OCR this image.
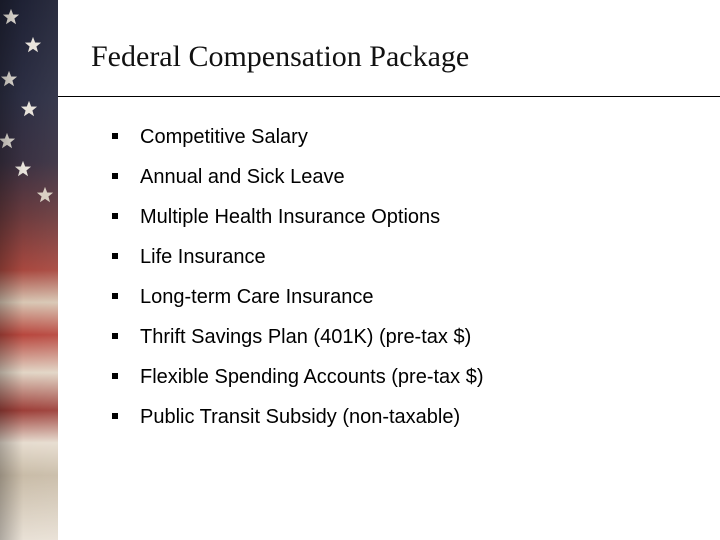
Federal Compensation Package
Competitive Salary
Annual and Sick Leave
Multiple Health Insurance Options
Life Insurance
Long-term Care Insurance
Thrift Savings Plan (401K) (pre-tax $)
Flexible Spending Accounts (pre-tax $)
Public Transit Subsidy (non-taxable)
